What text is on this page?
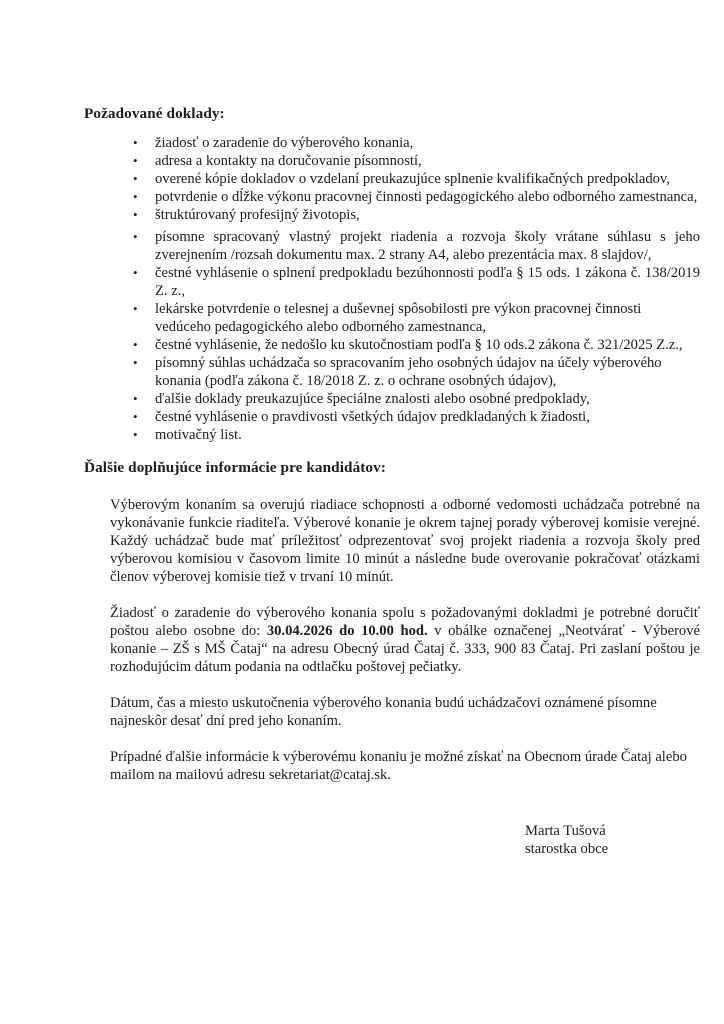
Požadované doklady:
• žiadosť o zaradenie do výberového konania,
• adresa a kontakty na doručovanie písomností,
• overené kópie dokladov o vzdelaní preukazujúce splnenie kvalifikačných predpokladov,
• potvrdenie o dĺžke výkonu pracovnej činnosti pedagogického alebo odborného zamestnanca,
• štruktúrovaný profesijný životopis,
• písomne spracovaný vlastný projekt riadenia a rozvoja školy vrátane súhlasu s jeho zverejnením /rozsah dokumentu max. 2 strany A4, alebo prezentácia max. 8 slajdov/,
• čestné vyhlásenie o splnení predpokladu bezúhonnosti podľa § 15 ods. 1 zákona č. 138/2019 Z. z.,
• lekárske potvrdenie o telesnej a duševnej spôsobilosti pre výkon pracovnej činnosti vedúceho pedagogického alebo odborného zamestnanca,
• čestné vyhlásenie, že nedošlo ku skutočnostiam podľa § 10 ods.2 zákona č. 321/2025 Z.z.,
• písomný súhlas uchádzača so spracovaním jeho osobných údajov na účely výberového konania (podľa zákona č. 18/2018 Z. z. o ochrane osobných údajov),
• ďalšie doklady preukazujúce špeciálne znalosti alebo osobné predpoklady,
• čestné vyhlásenie o pravdivosti všetkých údajov predkladaných k žiadosti,
• motivačný list.
Ďalšie doplňujúce informácie pre kandidátov:

Výberovým konaním sa overujú riadiace schopnosti a odborné vedomosti uchádzača potrebné na vykonávanie funkcie riaditeľa. Výberové konanie je okrem tajnej porady výberovej komisie verejné. Každý uchádzač bude mať príležitosť odprezentovať svoj projekt riadenia a rozvoja školy pred výberovou komisiou v časovom limite 10 minút a následne bude overovanie pokračovať otázkami členov výberovej komisie tiež v trvaní 10 minút.

Žiadosť o zaradenie do výberového konania spolu s požadovanými dokladmi je potrebné doručiť poštou alebo osobne do: 30.04.2026 do 10.00 hod. v obálke označenej „Neotvárať - Výberové konanie – ZŠ s MŠ Čataj“ na adresu Obecný úrad Čataj č. 333, 900 83 Čataj. Pri zaslaní poštou je rozhodujúcim dátum podania na odtlačku poštovej pečiatky.

Dátum, čas a miesto uskutočnenia výberového konania budú uchádzačovi oznámené písomne najneskôr desať dní pred jeho konaním.

Prípadné ďalšie informácie k výberovému konaniu je možné získať na Obecnom úrade Čataj alebo mailom na mailovú adresu sekretariat@cataj.sk.

Marta Tušová
starostka obce
